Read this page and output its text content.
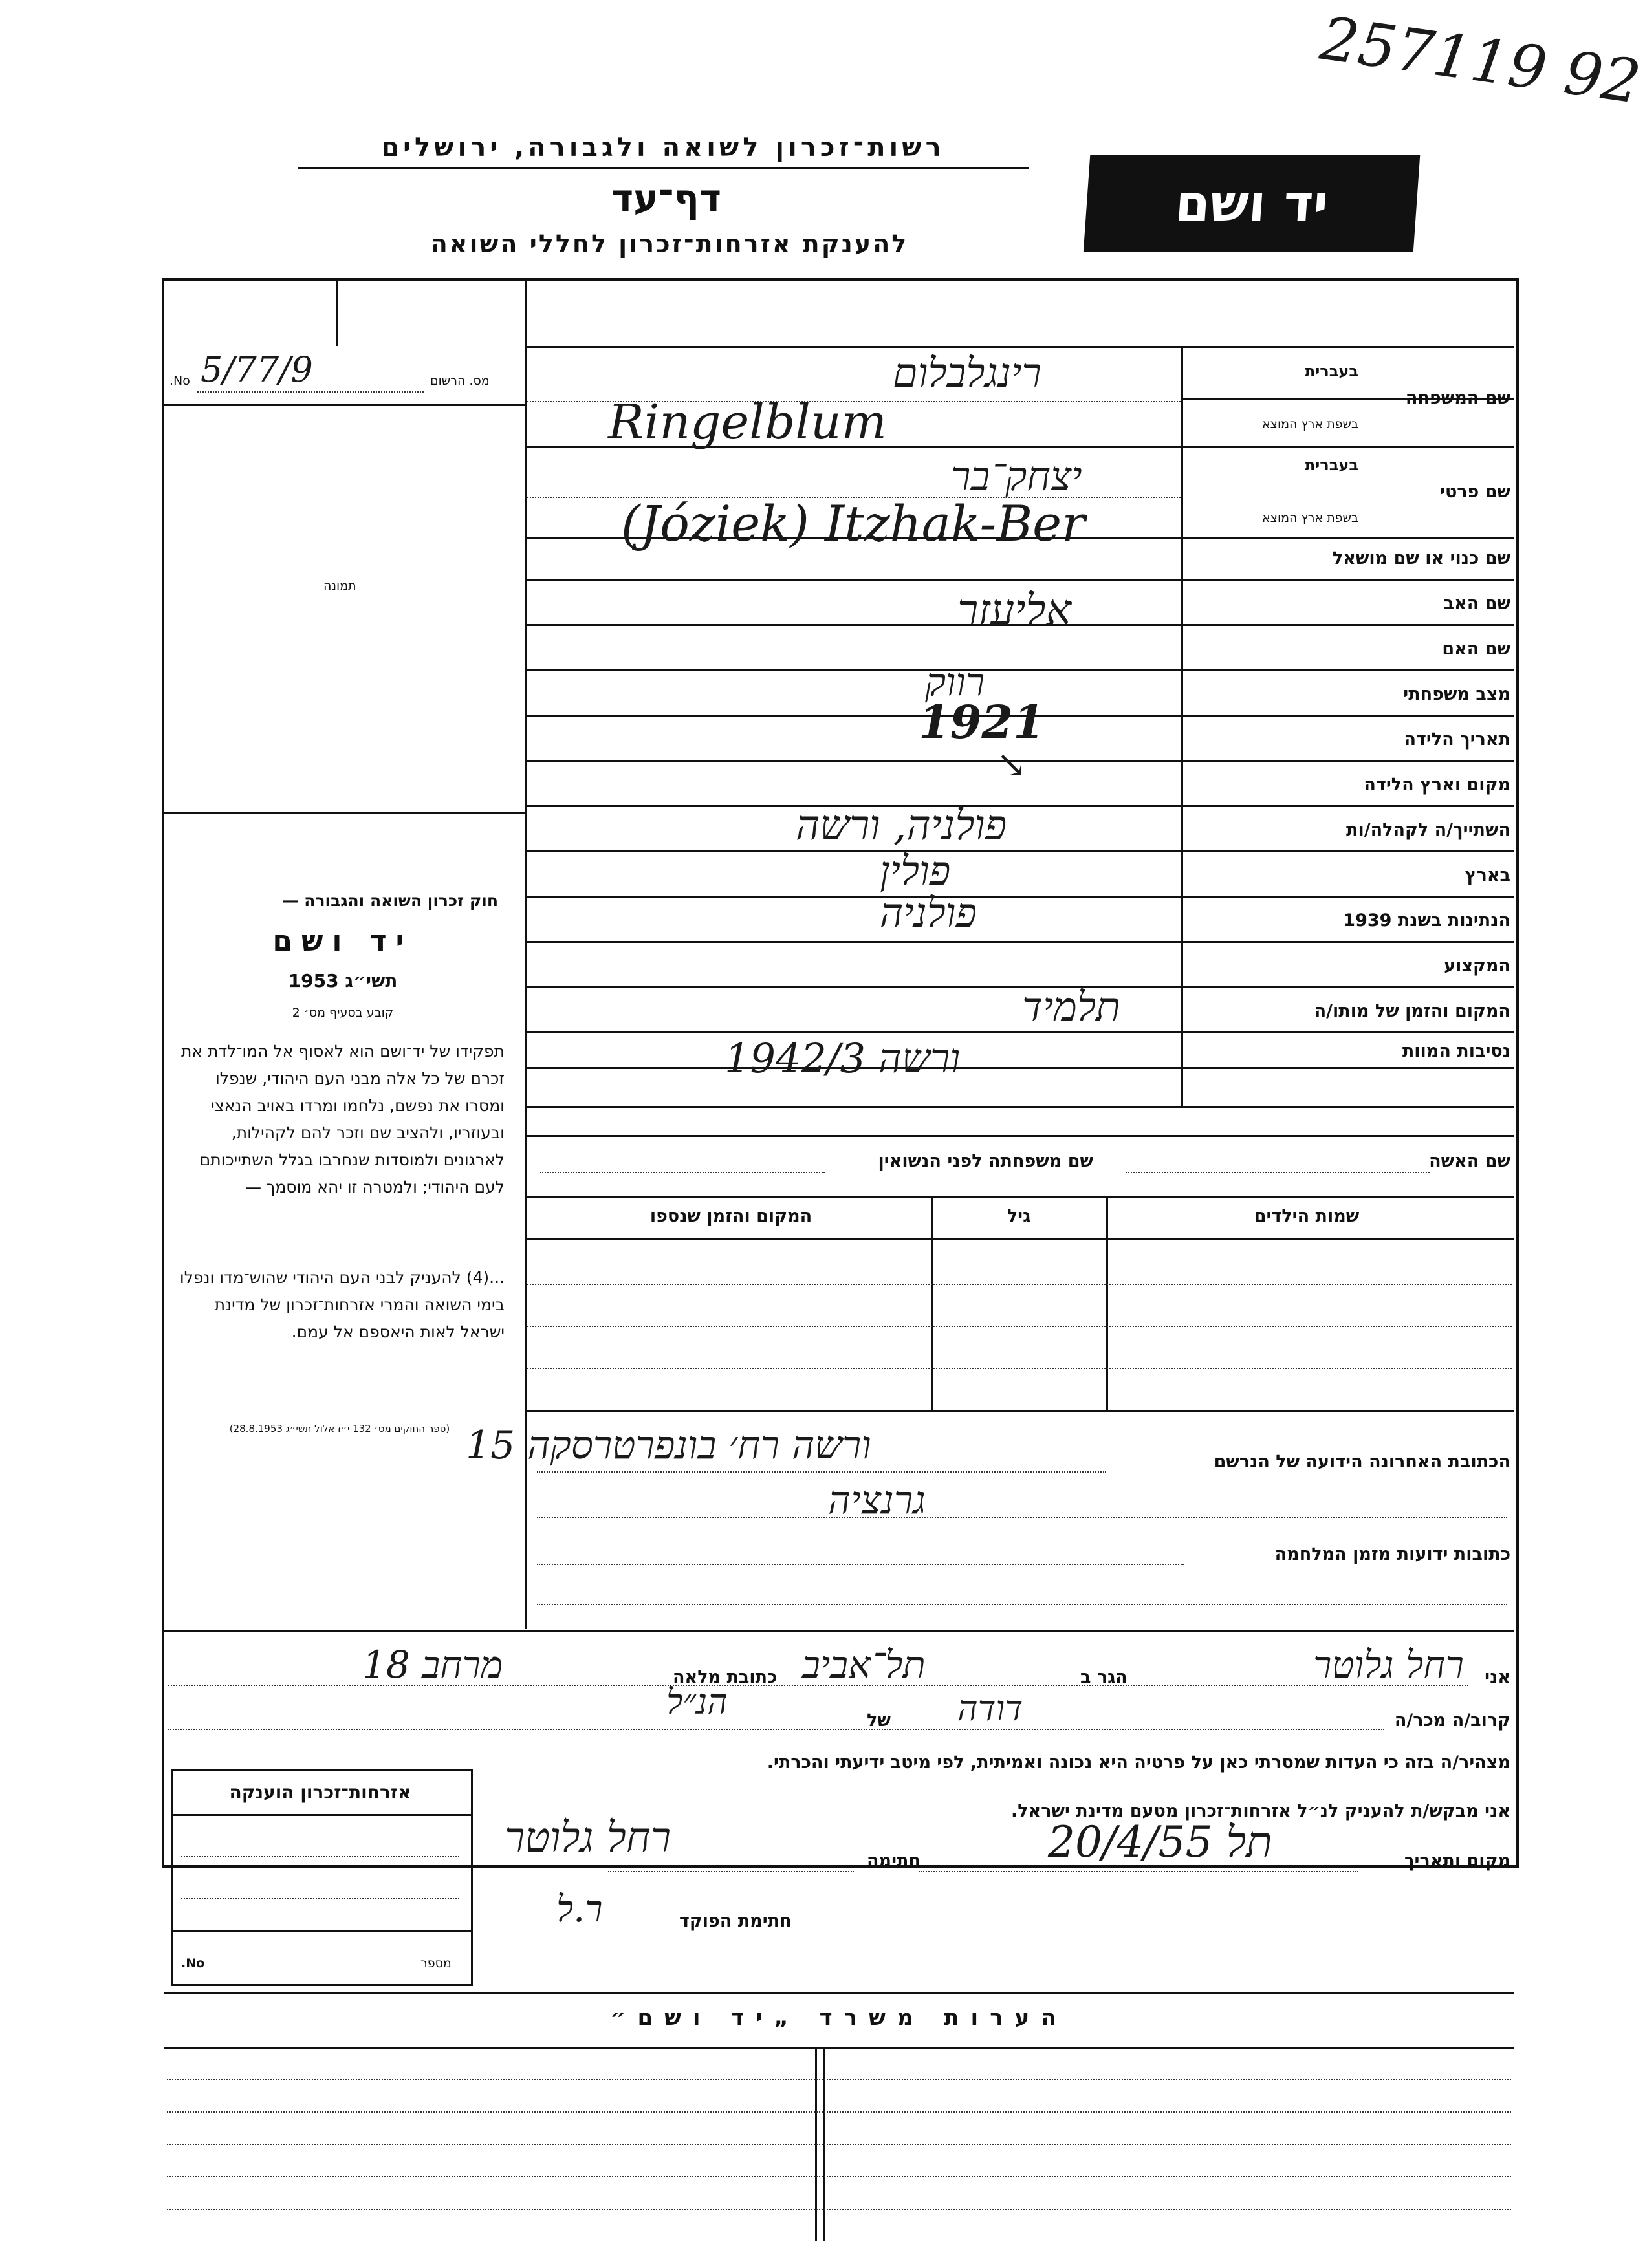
257119 92
רשות־זכרון לשואה ולגבורה, ירושלים
דף־עד
להענקת אזרחות־זכרון לחללי השואה
יד ושם
No. 5/77/9	מס. הרשום
תמונה
חוק זכרון השואה והגבורה —
יד ושם
תשי״ג 1953
קובע בסעיף מס׳ 2
תפקידו של יד־ושם הוא לאסוף אל המו־לדת את זכרם של כל אלה מבני העם היהודי, שנפלו ומסרו את נפשם, נלחמו ומרדו באויב הנאצי ובעוזריו, ולהציב שם וזכר להם לקהילות, לארגונים ולמוסדות שנחרבו בגלל השתייכותם לעם היהודי; ולמטרה זו יהא מוסמך —
...(4) להעניק לבני העם היהודי שהוש־מדו ונפלו בימי השואה והמרי אזרחות־זכרון של מדינת ישראל לאות היאספם אל עמם.
(ספר החוקים מס׳ 132 י״ז אלול תשי״ג 28.8.1953)
שם המשפחה
בעברית
בשפת ארץ המוצא
שם פרטי
בעברית
בשפת ארץ המוצא
שם כנוי או שם מושאל
שם האב
שם האם
מצב משפחתי
תאריך הלידה
מקום וארץ הלידה
השתייך/ה לקהלה/ות
בארץ
הנתינות בשנת 1939
המקצוע
המקום והזמן של מותו/ה
נסיבות המוות
רינגלבלום
Ringelblum
יצחק־בר
(Józiek) Itzhak-Ber
אליעזר
רווק
1921
↘
פולניה, ורשה
פולין
פולניה
תלמיד
ורשה 1942/3
שם האשה
שם משפחתה לפני הנשואין
שמות הילדים
גיל
המקום והזמן שנספו
הכתובת האחרונה הידועה של הנרשם
ורשה רח׳ בונפרטרסקה 15
גרנציה
כתובות ידועות מזמן המלחמה
אני
רחל גלוטר
הגר ב
תל־אביב
כתובת מלאה
מרחב 18
קרוב/ה מכר/ה
דודה
של
הנ״ל
מצהיר/ה בזה כי העדות שמסרתי כאן על פרטיה היא נכונה ואמיתית, לפי מיטב ידיעתי והכרתי.
אני מבקש/ת להעניק לנ״ל אזרחות־זכרון מטעם מדינת ישראל.
מקום ותאריך
תל 20/4/55
חתימה
רחל גלוטר
חתימת הפוקד
ר.ל
אזרחות־זכרון הוענקה
No.	מספר
הערות משרד „יד ושם״
